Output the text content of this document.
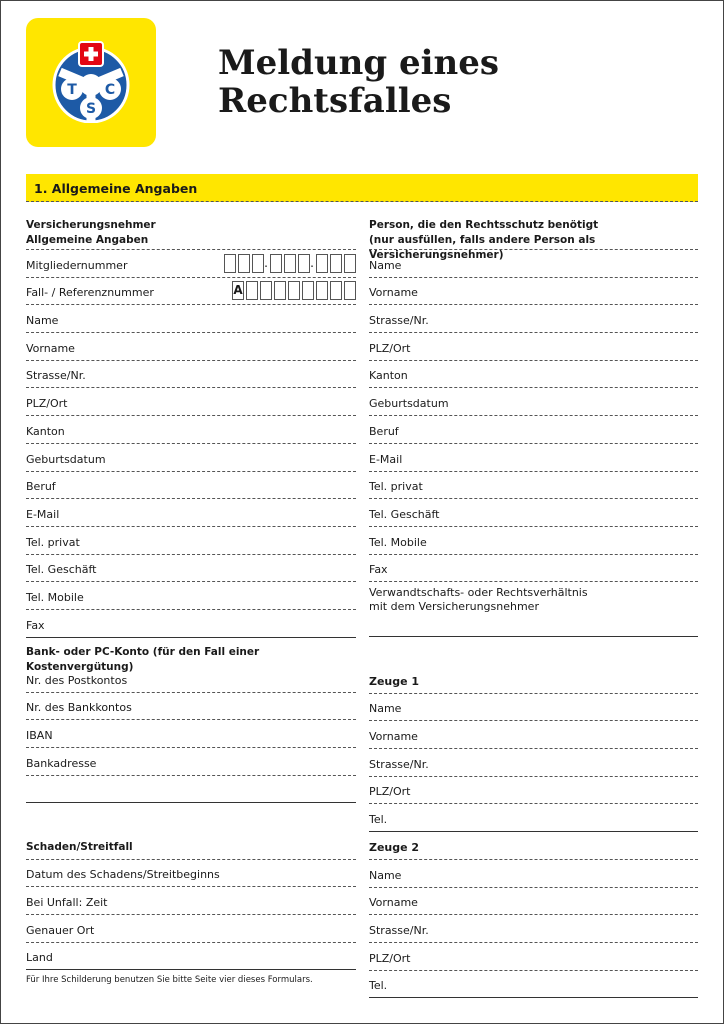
T C
S
Meldung eines
Rechtsfalles
1. Allgemeine Angaben
Versicherungsnehmer
Allgemeine Angaben
Mitgliedernummer	.	.
Fall- / Referenznummer	A
Name
Vorname
Strasse/Nr.
PLZ/Ort
Kanton
Geburtsdatum
Beruf
E-Mail
Tel. privat
Tel. Geschäft
Tel. Mobile
Fax
Bank- oder PC-Konto (für den Fall einer Kostenvergütung)
Nr. des Postkontos
Nr. des Bankkontos
IBAN
Bankadresse
Schaden/Streitfall
Datum des Schadens/Streitbeginns
Bei Unfall: Zeit
Genauer Ort
Land
Für Ihre Schilderung benutzen Sie bitte Seite vier dieses Formulars.
Person, die den Rechtsschutz benötigt
(nur ausfüllen, falls andere Person als Versicherungsnehmer)
Name
Vorname
Strasse/Nr.
PLZ/Ort
Kanton
Geburtsdatum
Beruf
E-Mail
Tel. privat
Tel. Geschäft
Tel. Mobile
Fax
Verwandtschafts- oder Rechtsverhältnis
mit dem Versicherungsnehmer
Zeuge 1
Name
Vorname
Strasse/Nr.
PLZ/Ort
Tel.
Zeuge 2
Name
Vorname
Strasse/Nr.
PLZ/Ort
Tel.
